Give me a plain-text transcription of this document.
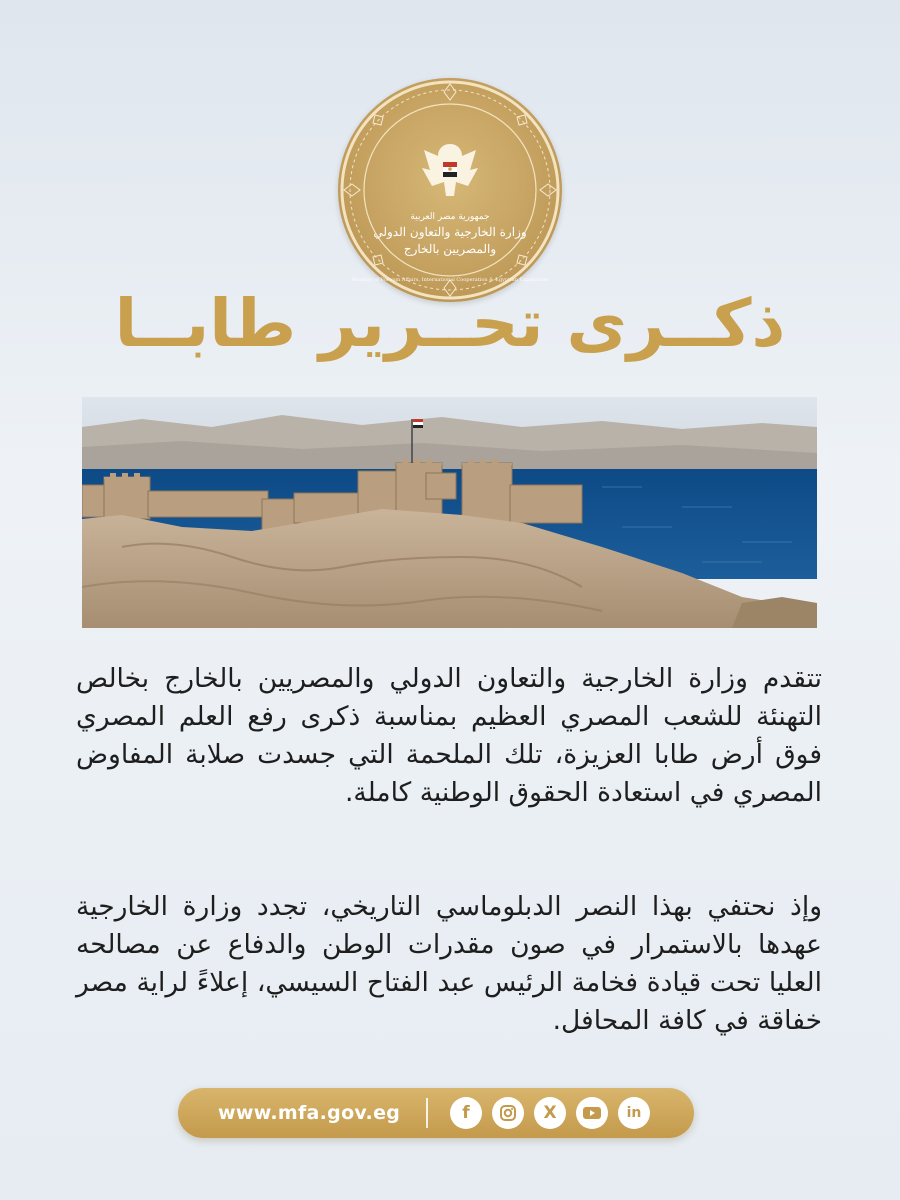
جمهورية مصر العربية
وزارة الخارجية والتعاون الدولي
والمصريين بالخارج
Ministry of Foreign Affairs, International Cooperation & Egyptian Expatriates
ذكــرى تحــرير طابــا
تتقدم وزارة الخارجية والتعاون الدولي والمصريين بالخارج بخالص التهنئة للشعب المصري العظيم بمناسبة ذكرى رفع العلم المصري فوق أرض طابا العزيزة، تلك الملحمة التي جسدت صلابة المفاوض المصري في استعادة الحقوق الوطنية كاملة.
وإذ نحتفي بهذا النصر الدبلوماسي التاريخي، تجدد وزارة الخارجية عهدها بالاستمرار في صون مقدرات الوطن والدفاع عن مصالحه العليا تحت قيادة فخامة الرئيس عبد الفتاح السيسي، إعلاءً لراية مصر خفاقة في كافة المحافل.
www.mfa.gov.eg	f	X	in
